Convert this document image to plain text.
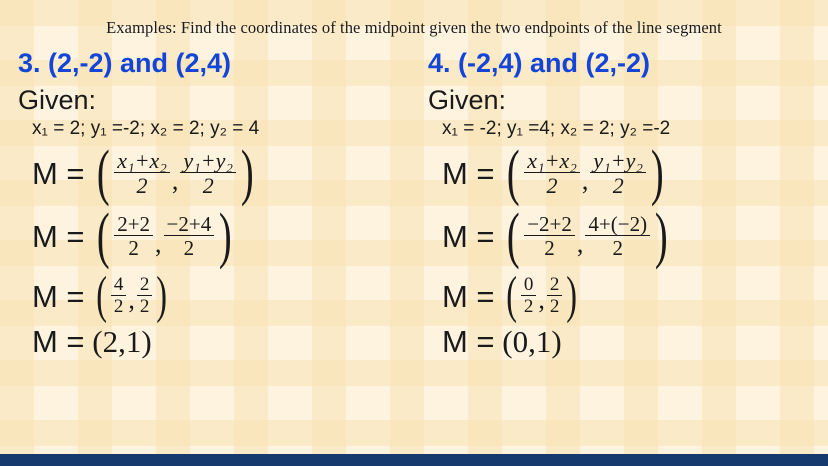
Examples: Find the coordinates of the midpoint given the two endpoints of the line segment
3. (2,-2) and (2,4)
Given:
x₁ = 2; y₁ =-2; x₂ = 2; y₂ = 4
M = ( $\frac{\text{x₁+x₂}}{2}$ , $\frac{\text{y₁+y₂}}{2}$ )
M = ( $\frac{2+2}{2}$ , $\frac{-2+4}{2}$ )
M = ( $\frac{4}{2}$ , $\frac{2}{2}$ )
M = (2,1)
4. (-2,4) and (2,-2)
Given:
x₁ = -2; y₁ =4; x₂ = 2; y₂ =-2
M = ( $\frac{\text{x₁+x₂}}{2}$ , $\frac{\text{y₁+y₂}}{2}$ )
M = ( $\frac{-2+2}{2}$ , $\frac{4+(-2)}{2}$ )
M = ( $\frac{0}{2}$ , $\frac{2}{2}$ )
M = (0,1)
